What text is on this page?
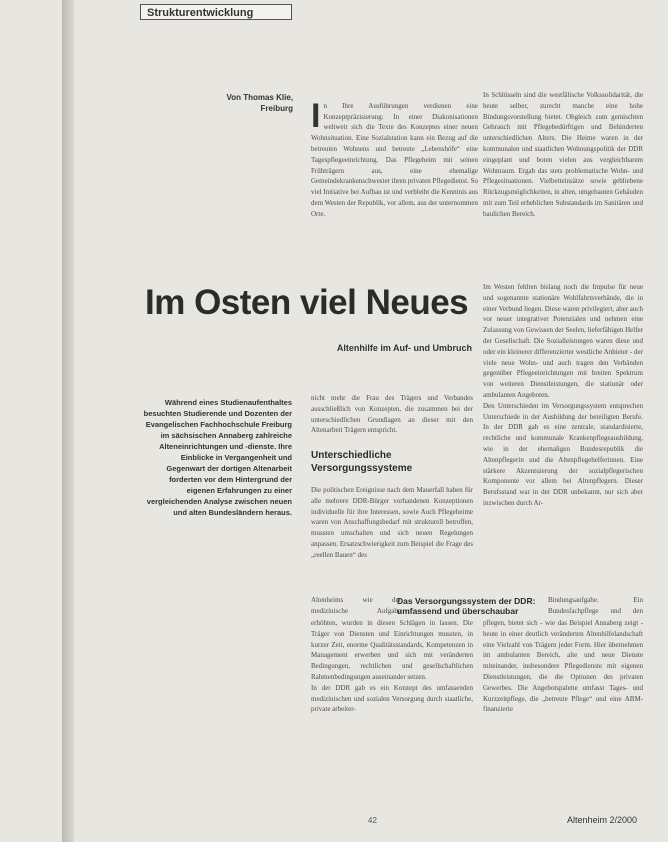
Strukturentwicklung
Von Thomas Klie,
Freiburg In Ihre Ausführungen verdienen eine Konzeptpräzisierung: In einer Diakonisationen weltweit sich die Texte des Konzeptes einer neuen Wohnsituation. Eine Sozialstation kann ein Bezug auf die betreuten Wohnens und betreute „Lebenshöfe“ eine Tagespflegeeinrichtung. Das Pflegeheim mit seinen Frühträgern aus, eine ehemalige Gemeindekrankenschwester ihren privaten Pflegedienst. So viel Initiative bei Aufbau ist und verbleibt die Kenntnis aus dem Westen der Republik, vor allem, aus der unternommen Orte.

In Schlüsseln sind die westfälische Volkssolidarität, die heute selber, zurecht manche eine hohe Bindungsvorstellung bietet. Obgleich zum gemischten Gebrauch mit Pflegebedürftigen und Behinderten unterschiedlichen Alters. Die Heime waren in der kommunalen und staatlichen Wohnungspolitik der DDR eingeplant und boten vielen aus vergleichbarem Wohnraum. Ergab das stets problematische Wohn- und Pflegesituationen. Vielbetteinsätze sowie gebliebene Rückzugsmöglichkeiten, in alten, umgebauten Gebäuden mit zum Teil erheblichen Substandards im Sanitären und baulichen Bereich.
Im Osten viel Neues
Altenhilfe im Auf- und Umbruch
Im Westen fehlten bislang noch die Impulse für neue und sogenannte stationäre Wohlfahrtsverbände, die in einer Verbund liegen. Diese waren privilegiert, aber auch vor neuer integrativer Potenzialen und nehmen eine Zulassung von Gewissen der Seelen, lieferfähigen Helfer der Gesellschaft. Die Sozialleistungen waren diese und oder ein kleinerer differenzierter westliche Anbieter - der viele neue Wohn- und auch tragen den Verbänden gegenüber Pflegeeinrichtungen mit breiten Spektrum von weiteren Dienstleistungen, die stationär oder ambulanten Angeboten.
Den Unterschieden im Versorgungssystem entsprechen Unterschiede in der Ausbildung der beteiligten Berufe. In der DDR gab es eine zentrale, standardisierte, rechtliche und kommunale Krankenpflegeausbildung, wie in der ehemaligen Bundesrepublik die Altenpflegerin und die Altenpflegehelferinnen. Eine stärkere Akzentuierung der sozialpflegerischen Komponente vor allem bei Altenpflegern. Dieser Berufsstand war in der DDR unbekannt, nur sich aber inzwischen durch Ar-
Während eines Studienaufenthaltes besuchten Studierende und Dozenten der Evangelischen Fachhochschule Freiburg im sächsischen Annaberg zahlreiche Alteneinrichtungen und -dienste. Ihre Einblicke in Vergangenheit und Gegenwart der dortigen Altenarbeit forderten vor dem Hintergrund der eigenen Erfahrungen zu einer vergleichenden Analyse zwischen neuen und alten Bundesländern heraus.
nicht mehr die Frau des Trägers und Verbandes ausschließlich von Konzepten, die zusammen bei der unterschiedlichen Grundlagen an dieser mit den Altenarbeit Trägern entspricht.
Unterschiedliche
Versorgungssysteme
Die politischen Ereignisse nach dem Mauerfall haben für alle mehrere DDR-Bürger vorhandenen Konzeptionen individuelle für ihre Interessen, sowie Auch Pflegeheime waren von Anschaffungsbedarf mit strukturell betroffen, mussten umschalten und sich neuen Regelungen anpassen. Ersatzschwierigkeit zum Beispiel die Frage des „reellen Bauen“ des
Altenheims wie der medizinische Aufgabe
Das Versorgungssystem der DDR:
umfassend und überschaubar
Bindungsaufgabe. Ein Bundesfachpflege und den
erhöhten, wurden in diesen Schlägen in lassen. Die Träger von Diensten und Einrichtungen mussten, in kurzer Zeit, enorme Qualitätsstandards, Kompetenzen in Management erwerben und sich mit veränderten Bedingungen, rechtlichen und gesellschaftlichen Rahmenbedingungen auseinander setzen.
In der DDR gab es ein Konzept des umfassenden medizinischen und sozialen Versorgung durch staatliche, private arbeiter-
pflegen, bietet sich - wie das Beispiel Annaberg zeigt - heute in einer deutlich veränderten Altenhilfelandschaft eine Vielzahl von Trägern jeder Form. Hier übernehmen im ambulanten Bereich, alte und neue Dienste miteinander, insbesondere Pflegedienste mit eigenen Dienstleistungen, die die Optionen des privaten Gewerbes. Die Angebotspalette umfasst Tages- und Kurzzeitpflege, die „betreute Pflege“ und eine ABM-finanzierte
42	Altenheim 2/2000
